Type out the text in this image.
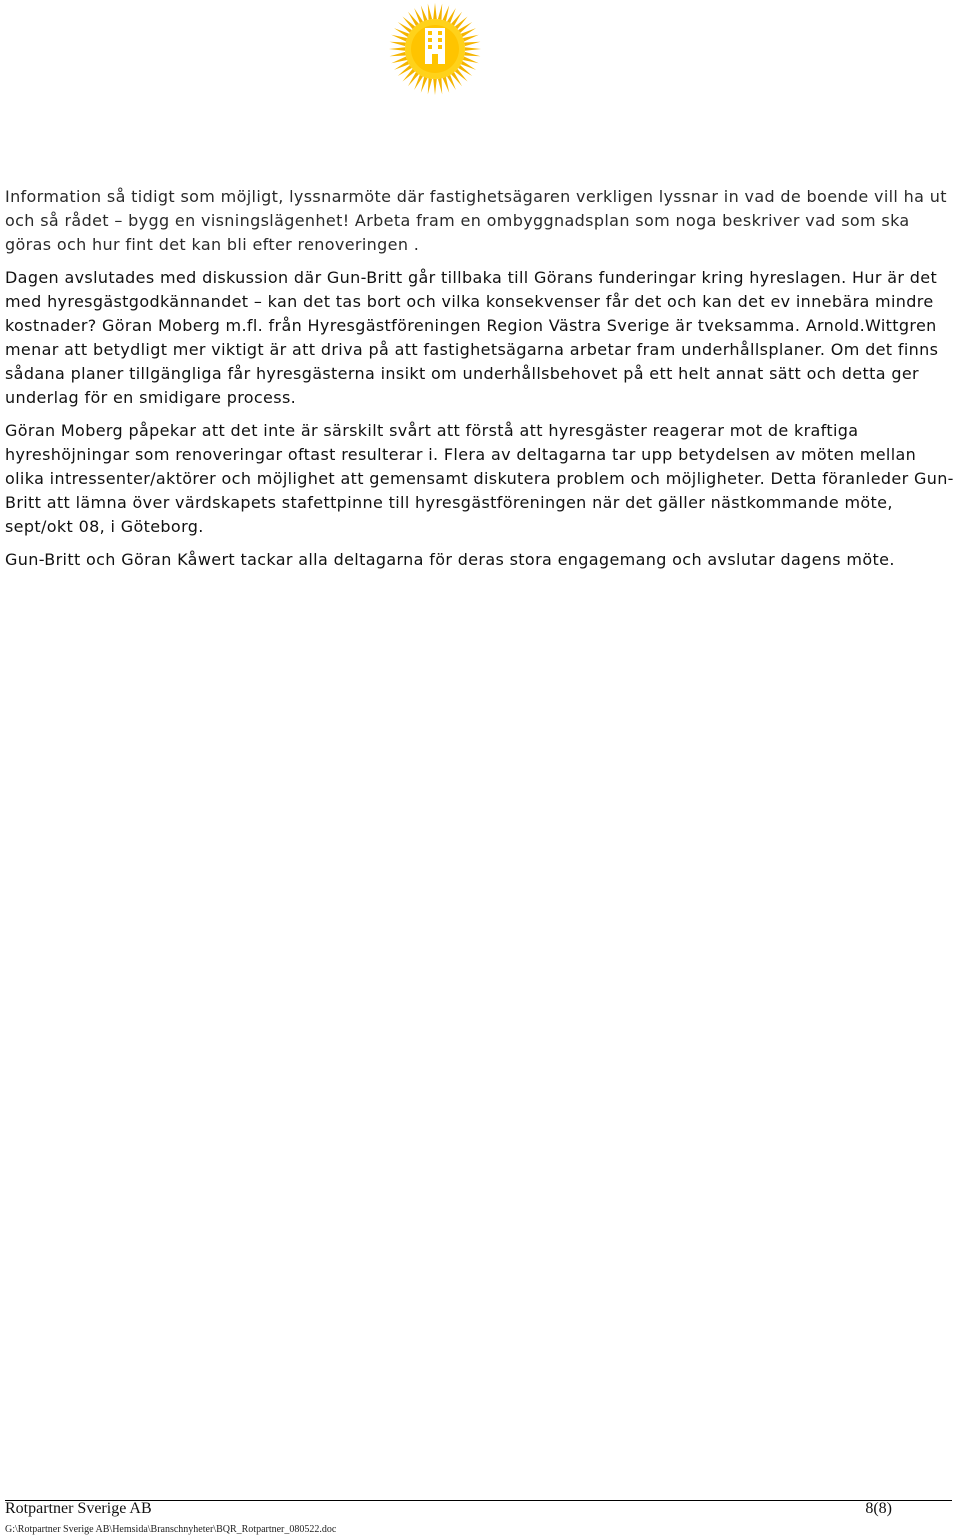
Information så tidigt som möjligt, lyssnarmöte där fastighetsägaren verkligen lyssnar in vad de boende vill ha ut och så rådet – bygg en visningslägenhet! Arbeta fram en ombyggnadsplan som noga beskriver vad som ska göras och hur fint det kan bli efter renoveringen .

Dagen avslutades med diskussion där Gun-Britt går tillbaka till Görans funderingar kring hyreslagen. Hur är det med hyresgästgodkännandet – kan det tas bort och vilka konsekvenser får det och kan det ev innebära mindre kostnader? Göran Moberg m.fl. från Hyresgästföreningen Region Västra Sverige är tveksamma. Arnold.Wittgren menar att betydligt mer viktigt är att driva på att fastighetsägarna arbetar fram underhållsplaner. Om det finns sådana planer tillgängliga får hyresgästerna insikt om underhållsbehovet på ett helt annat sätt och detta ger underlag för en smidigare process.

Göran Moberg påpekar att det inte är särskilt svårt att förstå att hyresgäster reagerar mot de kraftiga hyreshöjningar som renoveringar oftast resulterar i. Flera av deltagarna tar upp betydelsen av möten mellan olika intressenter/aktörer och möjlighet att gemensamt diskutera problem och möjligheter. Detta föranleder Gun-Britt att lämna över värdskapets stafettpinne till hyresgästföreningen när det gäller nästkommande möte, sept/okt 08, i Göteborg.

Gun-Britt och Göran Kåwert tackar alla deltagarna för deras stora engagemang och avslutar dagens möte.

Rotpartner Sverige AB	8(8)
G:\Rotpartner Sverige AB\Hemsida\Branschnyheter\BQR_Rotpartner_080522.doc
